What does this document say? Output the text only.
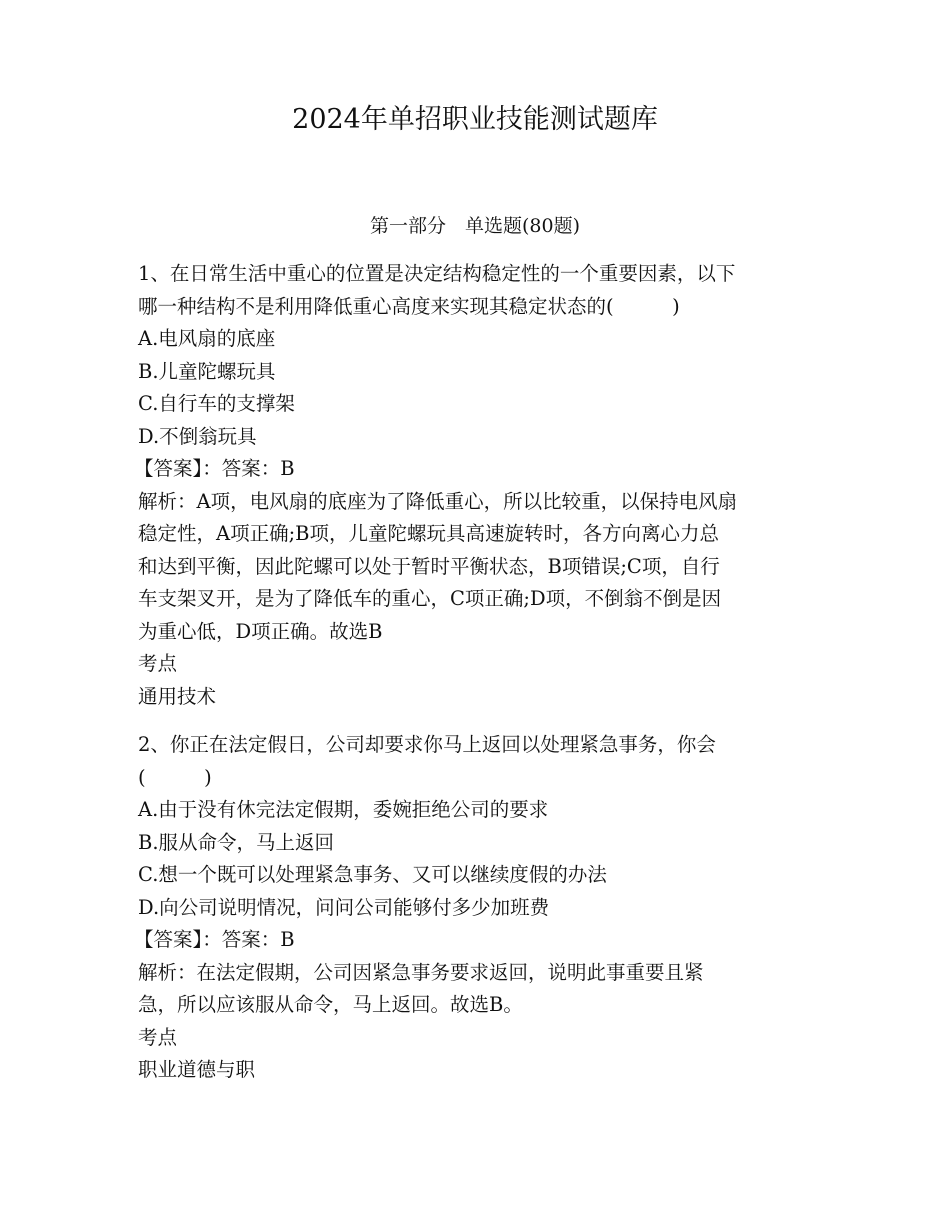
2024年单招职业技能测试题库
第一部分　单选题(80题)
1、在日常生活中重心的位置是决定结构稳定性的一个重要因素，以下
哪一种结构不是利用降低重心高度来实现其稳定状态的(　　　)
A.电风扇的底座
B.儿童陀螺玩具
C.自行车的支撑架
D.不倒翁玩具
【答案】：答案：B
解析：A项，电风扇的底座为了降低重心，所以比较重，以保持电风扇
稳定性，A项正确;B项，儿童陀螺玩具高速旋转时，各方向离心力总
和达到平衡，因此陀螺可以处于暂时平衡状态，B项错误;C项，自行
车支架叉开，是为了降低车的重心，C项正确;D项，不倒翁不倒是因
为重心低，D项正确。故选B
考点
通用技术
2、你正在法定假日，公司却要求你马上返回以处理紧急事务，你会
(　　　)
A.由于没有休完法定假期，委婉拒绝公司的要求
B.服从命令，马上返回
C.想一个既可以处理紧急事务、又可以继续度假的办法
D.向公司说明情况，问问公司能够付多少加班费
【答案】：答案：B
解析：在法定假期，公司因紧急事务要求返回，说明此事重要且紧
急，所以应该服从命令，马上返回。故选B。
考点
职业道德与职
